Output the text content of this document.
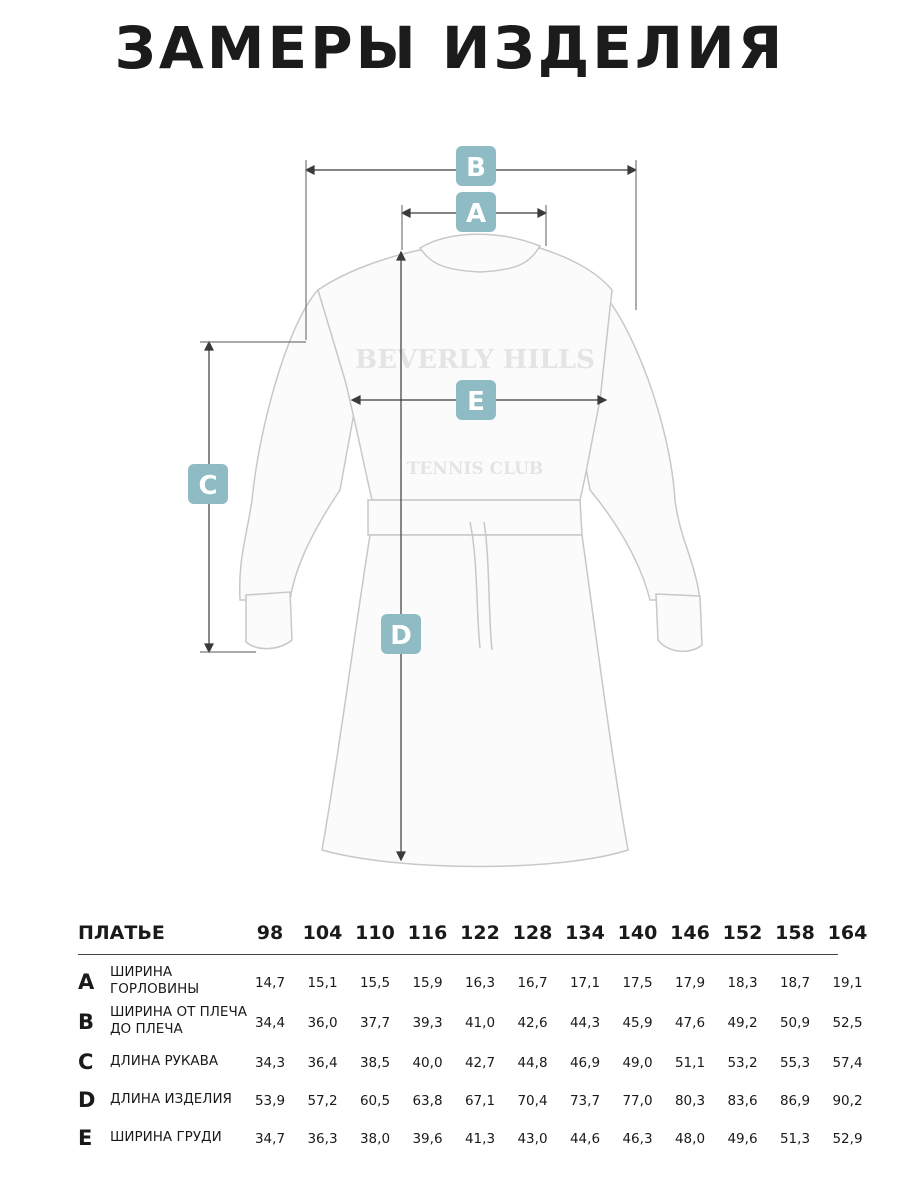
ЗАМЕРЫ ИЗДЕЛИЯ
BEVERLY HILLS
TENNIS CLUB
B
A
C
E
D
ПЛАТЬЕ	98	104 110 116 122 128 134 140 146 152 158 164
A ШИРИНА
ГОРЛОВИНЫ	14,7	15,1	15,5	15,9	16,3	16,7	17,1	17,5	17,9	18,3	18,7	19,1
B ШИРИНА ОТ ПЛЕЧА
ДО ПЛЕЧА	34,4	36,0	37,7	39,3	41,0	42,6	44,3	45,9	47,6	49,2	50,9	52,5
C ДЛИНА РУКАВА	34,3	36,4	38,5	40,0	42,7	44,8	46,9	49,0	51,1	53,2	55,3	57,4
D ДЛИНА ИЗДЕЛИЯ	53,9	57,2	60,5	63,8	67,1	70,4	73,7	77,0	80,3	83,6	86,9	90,2
E ШИРИНА ГРУДИ	34,7	36,3	38,0	39,6	41,3	43,0	44,6	46,3	48,0	49,6	51,3	52,9
